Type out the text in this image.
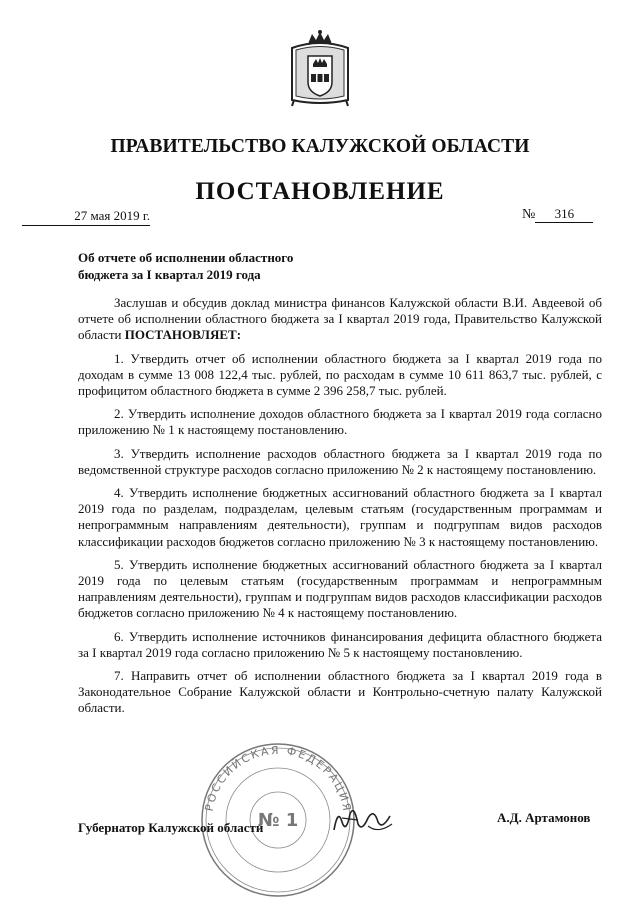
ПРАВИТЕЛЬСТВО КАЛУЖСКОЙ ОБЛАСТИ
ПОСТАНОВЛЕНИЕ
27 мая 2019 г.	№	316
Об отчете об исполнении областного
бюджета за I квартал 2019 года

Заслушав и обсудив доклад министра финансов Калужской области В.И. Авдеевой об отчете об исполнении областного бюджета за I квартал 2019 года, Правительство Калужской области ПОСТАНОВЛЯЕТ:

1. Утвердить отчет об исполнении областного бюджета за I квартал 2019 года по доходам в сумме 13 008 122,4 тыс. рублей, по расходам в сумме 10 611 863,7 тыс. рублей, с профицитом областного бюджета в сумме 2 396 258,7 тыс. рублей.

2. Утвердить исполнение доходов областного бюджета за I квартал 2019 года согласно приложению № 1 к настоящему постановлению.

3. Утвердить исполнение расходов областного бюджета за I квартал 2019 года по ведомственной структуре расходов согласно приложению № 2 к настоящему постановлению.

4. Утвердить исполнение бюджетных ассигнований областного бюджета за I квартал 2019 года по разделам, подразделам, целевым статьям (государственным программам и непрограммным направлениям деятельности), группам и подгруппам видов расходов классификации расходов бюджетов согласно приложению № 3 к настоящему постановлению.

5. Утвердить исполнение бюджетных ассигнований областного бюджета за I квартал 2019 года по целевым статьям (государственным программам и непрограммным направлениям деятельности), группам и подгруппам видов расходов классификации расходов бюджетов согласно приложению № 4 к настоящему постановлению.

6. Утвердить исполнение источников финансирования дефицита областного бюджета за I квартал 2019 года согласно приложению № 5 к настоящему постановлению.

7. Направить отчет об исполнении областного бюджета за I квартал 2019 года в Законодательное Собрание Калужской области и Контрольно-счетную палату Калужской области.

РОССИЙСКАЯ ФЕДЕРАЦИЯ
№ 1
Губернатор Калужской области
А.Д. Артамонов
